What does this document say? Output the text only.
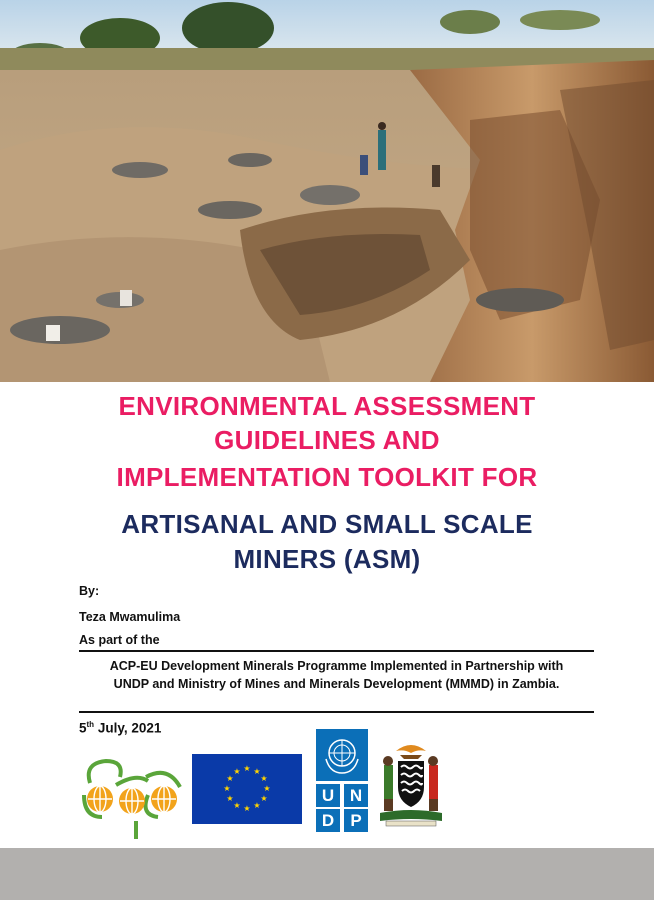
ENVIRONMENTAL ASSESSMENT
GUIDELINES AND
IMPLEMENTATION TOOLKIT FOR
ARTISANAL AND SMALL SCALE
MINERS (ASM)
By:
Teza Mwamulima
As part of the
ACP-EU Development Minerals Programme Implemented in Partnership with
UNDP and Ministry of Mines and Minerals Development (MMMD) in Zambia.
5th July, 2021
★ ★
★
★
★
★
★
★
★
★
★
★
U N
D P
